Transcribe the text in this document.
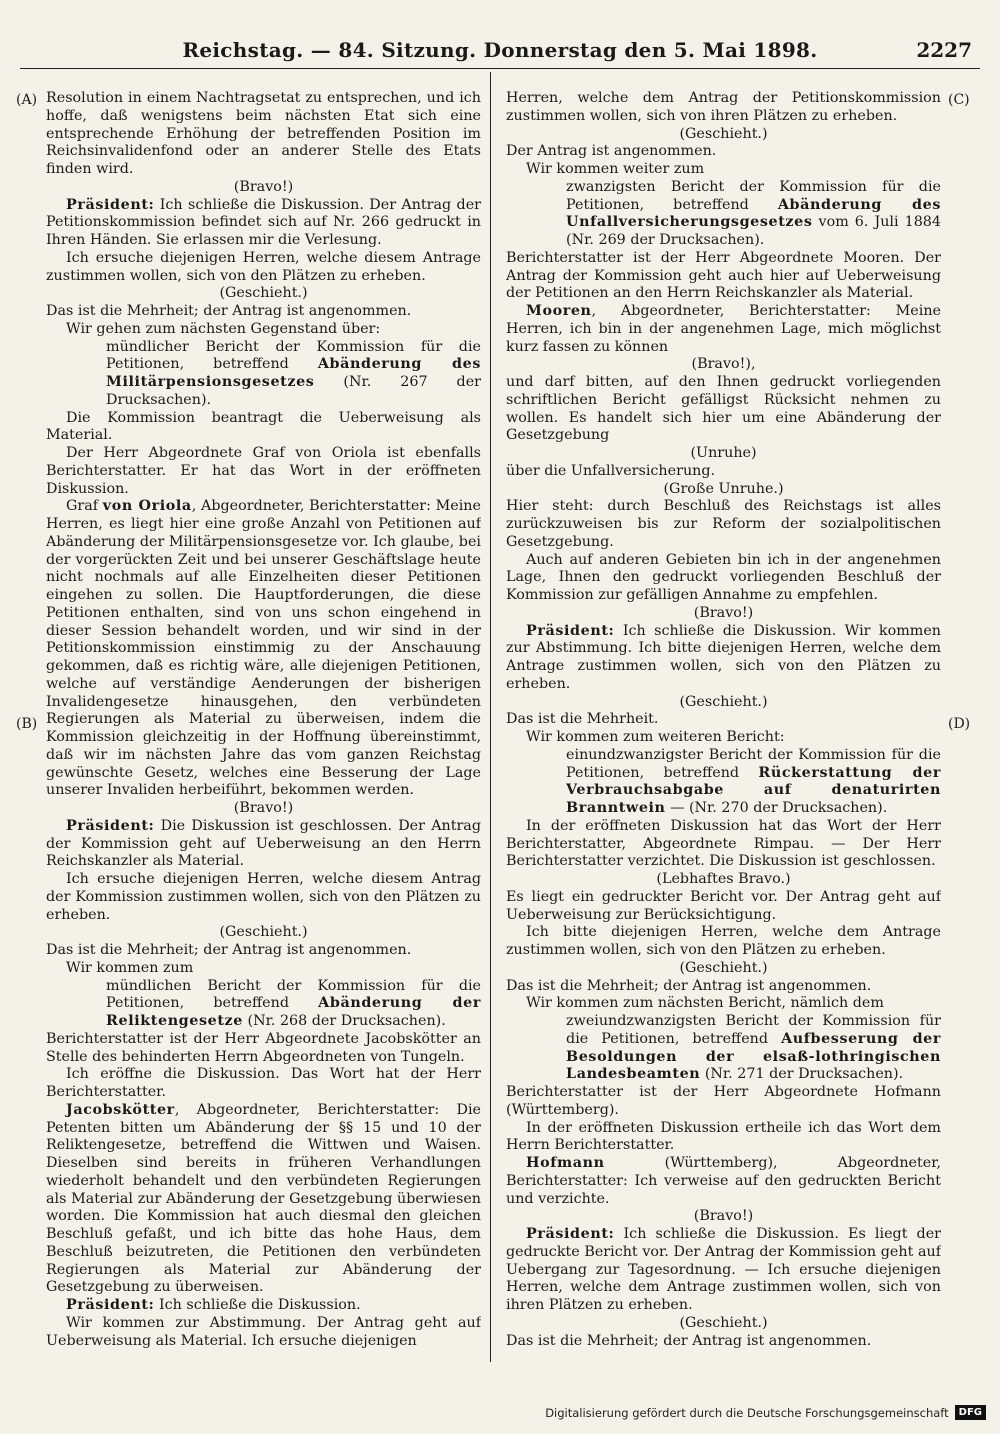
Reichstag. — 84. Sitzung. Donnerstag den 5. Mai 1898.	2227
(A)
(B)
(C)
(D)

Resolution in einem Nachtragsetat zu entsprechen, und ich hoffe, daß wenigstens beim nächsten Etat sich eine entsprechende Erhöhung der betreffenden Position im Reichsinvalidenfond oder an anderer Stelle des Etats finden wird.

(Bravo!)

Präsident: Ich schließe die Diskussion. Der Antrag der Petitionskommission befindet sich auf Nr. 266 gedruckt in Ihren Händen. Sie erlassen mir die Verlesung.

Ich ersuche diejenigen Herren, welche diesem Antrage zustimmen wollen, sich von den Plätzen zu erheben.

(Geschieht.)

Das ist die Mehrheit; der Antrag ist angenommen.

Wir gehen zum nächsten Gegenstand über:

mündlicher Bericht der Kommission für die Petitionen, betreffend Abänderung des Militärpensionsgesetzes (Nr. 267 der Drucksachen).

Die Kommission beantragt die Ueberweisung als Material.

Der Herr Abgeordnete Graf von Oriola ist ebenfalls Berichterstatter. Er hat das Wort in der eröffneten Diskussion.

Graf von Oriola, Abgeordneter, Berichterstatter: Meine Herren, es liegt hier eine große Anzahl von Petitionen auf Abänderung der Militärpensionsgesetze vor. Ich glaube, bei der vorgerückten Zeit und bei unserer Geschäftslage heute nicht nochmals auf alle Einzelheiten dieser Petitionen eingehen zu sollen. Die Hauptforderungen, die diese Petitionen enthalten, sind von uns schon eingehend in dieser Session behandelt worden, und wir sind in der Petitionskommission einstimmig zu der Anschauung gekommen, daß es richtig wäre, alle diejenigen Petitionen, welche auf verständige Aenderungen der bisherigen Invalidengesetze hinausgehen, den verbündeten Regierungen als Material zu überweisen, indem die Kommission gleichzeitig in der Hoffnung übereinstimmt, daß wir im nächsten Jahre das vom ganzen Reichstag gewünschte Gesetz, welches eine Besserung der Lage unserer Invaliden herbeiführt, bekommen werden.

(Bravo!)

Präsident: Die Diskussion ist geschlossen. Der Antrag der Kommission geht auf Ueberweisung an den Herrn Reichskanzler als Material.

Ich ersuche diejenigen Herren, welche diesem Antrag der Kommission zustimmen wollen, sich von den Plätzen zu erheben.

(Geschieht.)

Das ist die Mehrheit; der Antrag ist angenommen.

Wir kommen zum

mündlichen Bericht der Kommission für die Petitionen, betreffend Abänderung der Reliktengesetze (Nr. 268 der Drucksachen).

Berichterstatter ist der Herr Abgeordnete Jacobskötter an Stelle des behinderten Herrn Abgeordneten von Tungeln.

Ich eröffne die Diskussion. Das Wort hat der Herr Berichterstatter.

Jacobskötter, Abgeordneter, Berichterstatter: Die Petenten bitten um Abänderung der §§ 15 und 10 der Reliktengesetze, betreffend die Wittwen und Waisen. Dieselben sind bereits in früheren Verhandlungen wiederholt behandelt und den verbündeten Regierungen als Material zur Abänderung der Gesetzgebung überwiesen worden. Die Kommission hat auch diesmal den gleichen Beschluß gefaßt, und ich bitte das hohe Haus, dem Beschluß beizutreten, die Petitionen den verbündeten Regierungen als Material zur Abänderung der Gesetzgebung zu überweisen.

Präsident: Ich schließe die Diskussion.

Wir kommen zur Abstimmung. Der Antrag geht auf Ueberweisung als Material. Ich ersuche diejenigen

Herren, welche dem Antrag der Petitionskommission zustimmen wollen, sich von ihren Plätzen zu erheben.

(Geschieht.)

Der Antrag ist angenommen.

Wir kommen weiter zum

zwanzigsten Bericht der Kommission für die Petitionen, betreffend Abänderung des Unfallversicherungsgesetzes vom 6. Juli 1884 (Nr. 269 der Drucksachen).

Berichterstatter ist der Herr Abgeordnete Mooren. Der Antrag der Kommission geht auch hier auf Ueberweisung der Petitionen an den Herrn Reichskanzler als Material.

Mooren, Abgeordneter, Berichterstatter: Meine Herren, ich bin in der angenehmen Lage, mich möglichst kurz fassen zu können

(Bravo!),

und darf bitten, auf den Ihnen gedruckt vorliegenden schriftlichen Bericht gefälligst Rücksicht nehmen zu wollen. Es handelt sich hier um eine Abänderung der Gesetzgebung

(Unruhe)

über die Unfallversicherung.

(Große Unruhe.)

Hier steht: durch Beschluß des Reichstags ist alles zurückzuweisen bis zur Reform der sozialpolitischen Gesetzgebung.

Auch auf anderen Gebieten bin ich in der angenehmen Lage, Ihnen den gedruckt vorliegenden Beschluß der Kommission zur gefälligen Annahme zu empfehlen.

(Bravo!)

Präsident: Ich schließe die Diskussion. Wir kommen zur Abstimmung. Ich bitte diejenigen Herren, welche dem Antrage zustimmen wollen, sich von den Plätzen zu erheben.

(Geschieht.)

Das ist die Mehrheit.

Wir kommen zum weiteren Bericht:

einundzwanzigster Bericht der Kommission für die Petitionen, betreffend Rückerstattung der Verbrauchsabgabe auf denaturirten Branntwein — (Nr. 270 der Drucksachen).

In der eröffneten Diskussion hat das Wort der Herr Berichterstatter, Abgeordnete Rimpau. — Der Herr Berichterstatter verzichtet. Die Diskussion ist geschlossen.

(Lebhaftes Bravo.)

Es liegt ein gedruckter Bericht vor. Der Antrag geht auf Ueberweisung zur Berücksichtigung.

Ich bitte diejenigen Herren, welche dem Antrage zustimmen wollen, sich von den Plätzen zu erheben.

(Geschieht.)

Das ist die Mehrheit; der Antrag ist angenommen.

Wir kommen zum nächsten Bericht, nämlich dem

zweiundzwanzigsten Bericht der Kommission für die Petitionen, betreffend Aufbesserung der Besoldungen der elsaß-lothringischen Landesbeamten (Nr. 271 der Drucksachen).

Berichterstatter ist der Herr Abgeordnete Hofmann (Württemberg).

In der eröffneten Diskussion ertheile ich das Wort dem Herrn Berichterstatter.

Hofmann (Württemberg), Abgeordneter, Berichterstatter: Ich verweise auf den gedruckten Bericht und verzichte.

(Bravo!)

Präsident: Ich schließe die Diskussion. Es liegt der gedruckte Bericht vor. Der Antrag der Kommission geht auf Uebergang zur Tagesordnung. — Ich ersuche diejenigen Herren, welche dem Antrage zustimmen wollen, sich von ihren Plätzen zu erheben.

(Geschieht.)

Das ist die Mehrheit; der Antrag ist angenommen.

Digitalisierung gefördert durch die Deutsche Forschungsgemeinschaft	DFG
